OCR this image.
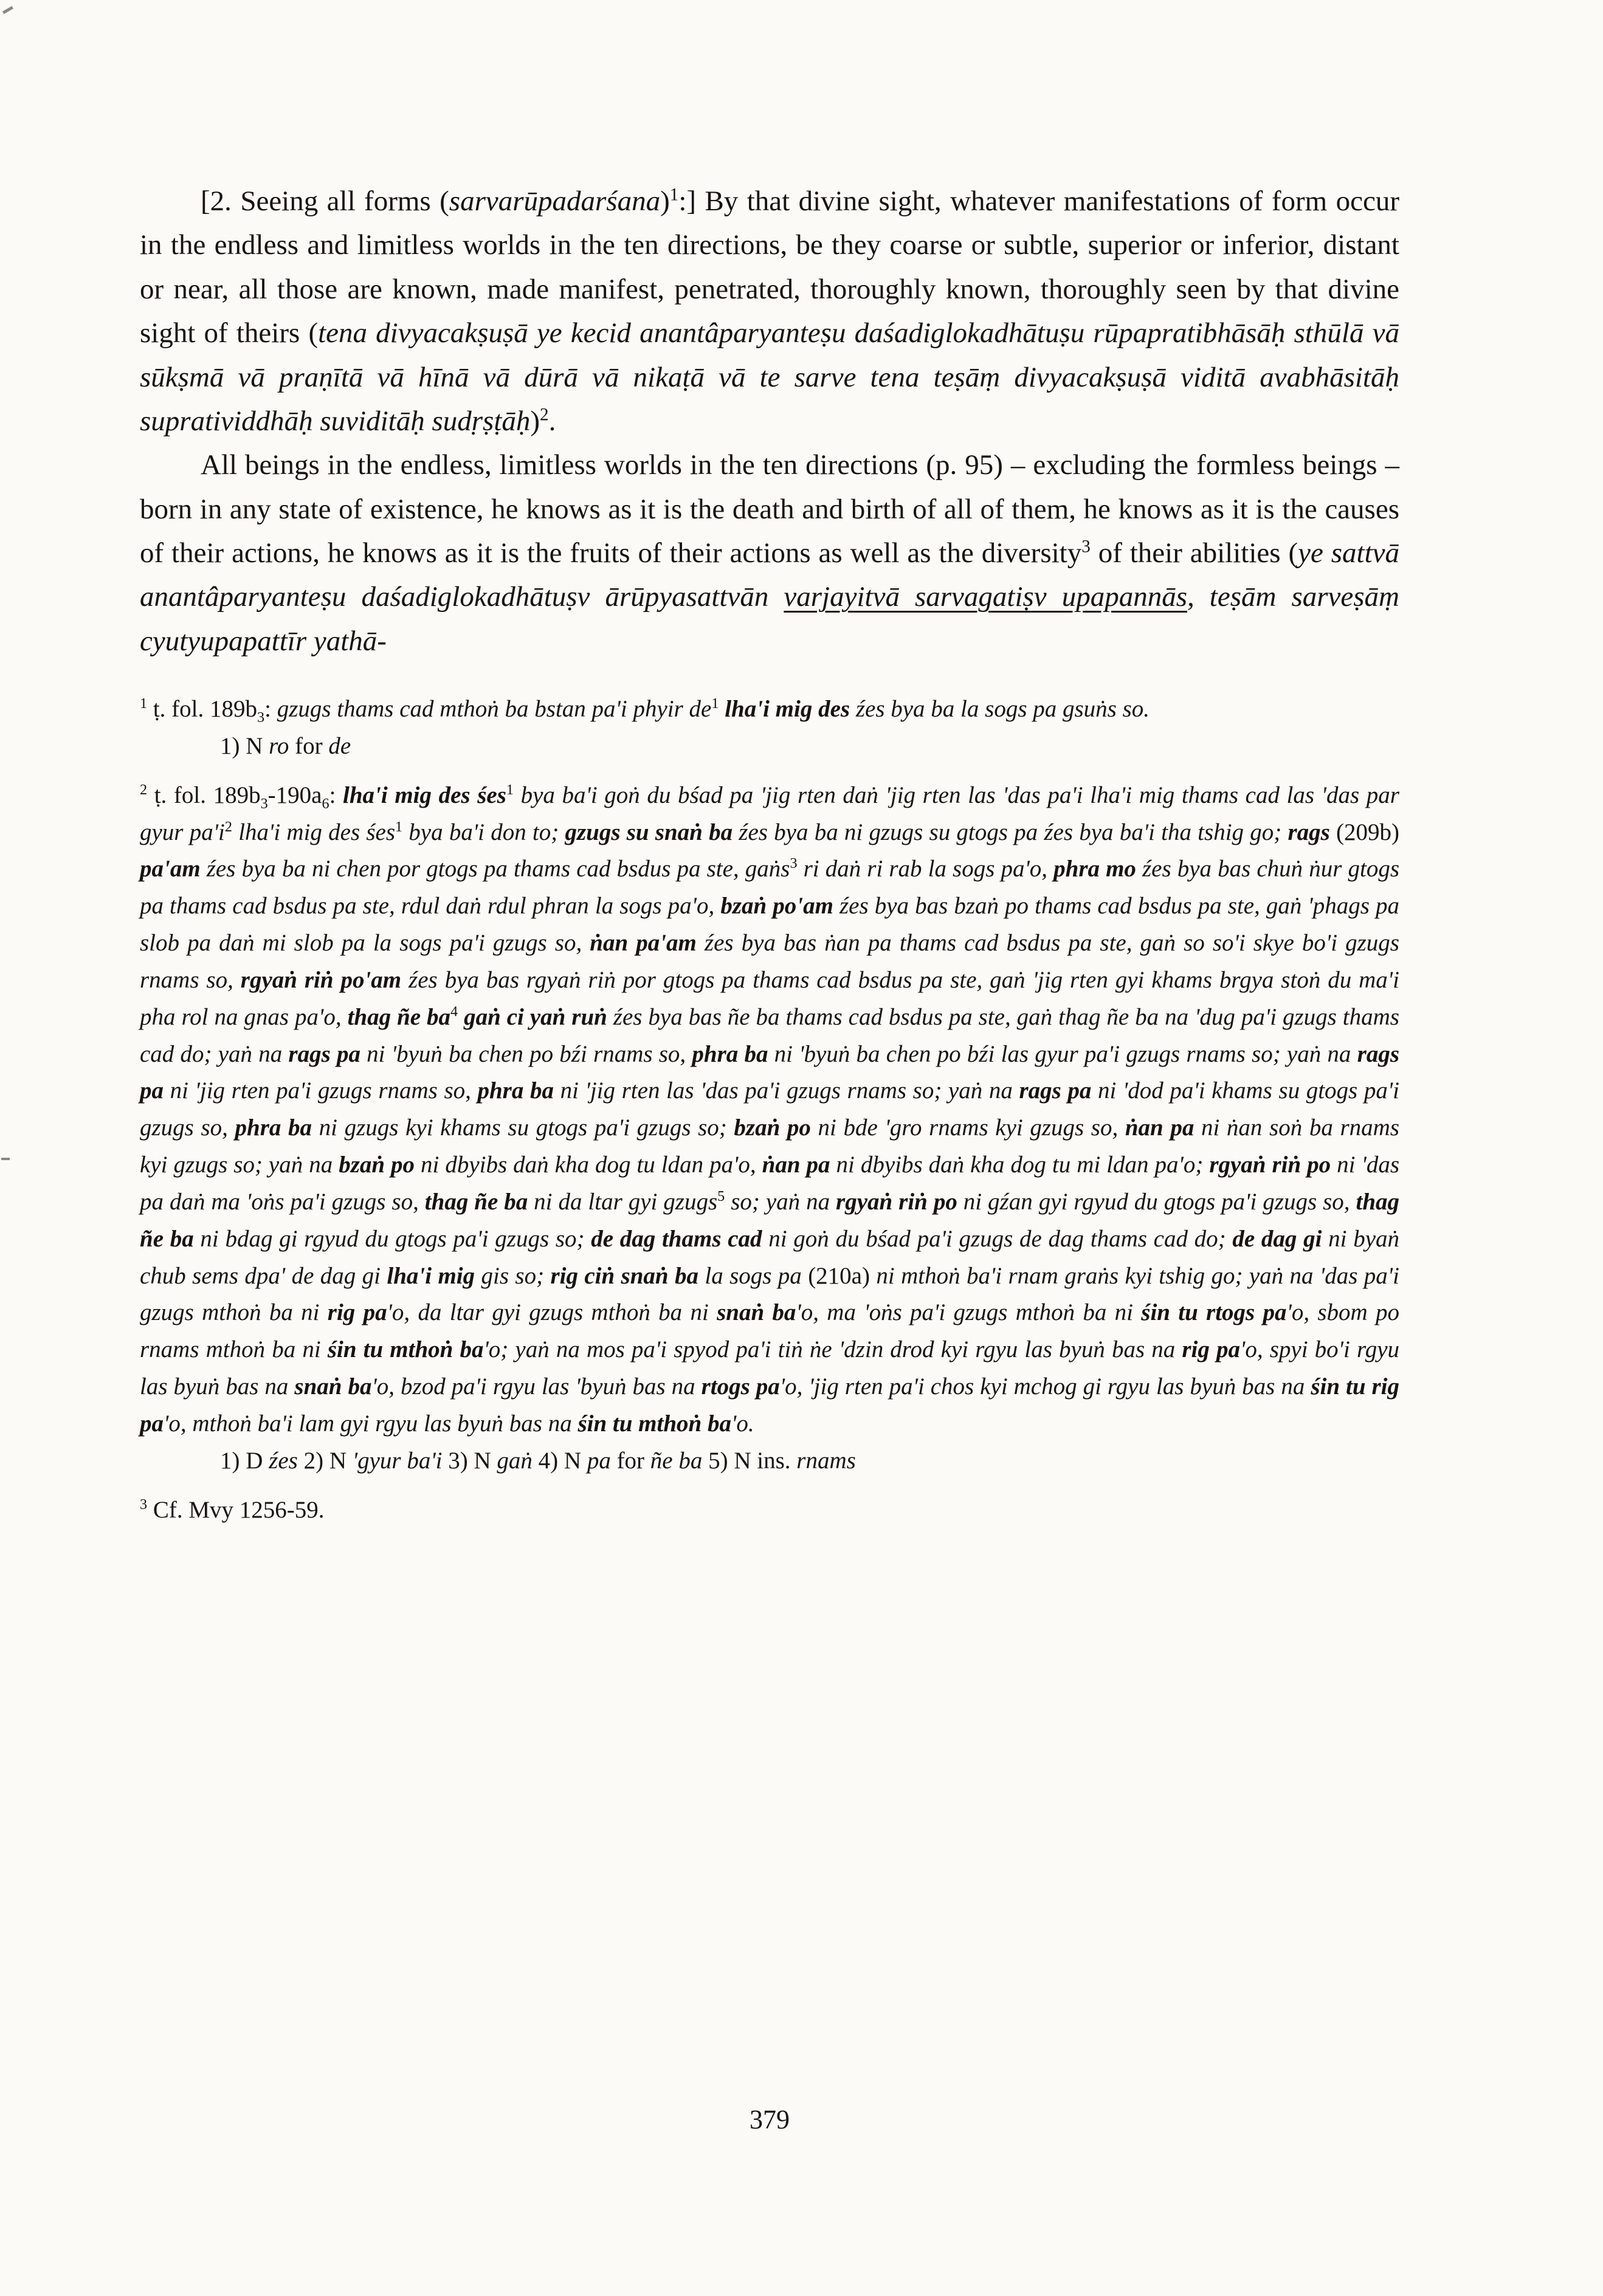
[2. Seeing all forms (sarvarūpadarśana)$^1$:] By that divine sight, whatever manifestations of form occur in the endless and limitless worlds in the ten directions, be they coarse or subtle, superior or inferior, distant or near, all those are known, made manifest, penetrated, thoroughly known, thoroughly seen by that divine sight of theirs (tena divyacakṣuṣā ye kecid anantâparyanteṣu daśadiglokadhātuṣu rūpapratibhāsāḥ sthūlā vā sūkṣmā vā praṇītā vā hīnā vā dūrā vā nikaṭā vā te sarve tena teṣāṃ divyacakṣuṣā viditā avabhāsitāḥ supratividdhāḥ suviditāḥ sudṛṣṭāḥ)$^2$.

All beings in the endless, limitless worlds in the ten directions (p. 95) – excluding the formless beings – born in any state of existence, he knows as it is the death and birth of all of them, he knows as it is the causes of their actions, he knows as it is the fruits of their actions as well as the diversity$^3$ of their abilities (ye sattvā anantâparyanteṣu daśadiglokadhātuṣv ārūpyasattvān varjayitvā sarvagatiṣv upapannās, teṣām sarveṣāṃ cyutyupapattīr yathā-

$^1$ ṭ. fol. $189b_3$: gzugs thams cad mthoṅ ba bstan pa'i phyir $de^1$ lha'i mig des źes bya ba la sogs pa gsuṅs so.

1) N ro for de

$^2$ ṭ. fol. $189b_3-190a_6$: lha'i mig des śes$^1$ bya ba'i goṅ du bśad pa 'jig rten daṅ 'jig rten las 'das pa'i lha'i mig thams cad las 'das par gyur $pa'i^2$ lha'i mig des śes$^1$ bya ba'i don to; gzugs su snaṅ ba źes bya ba ni gzugs su gtogs pa źes bya ba'i tha tshig go; rags (209b) pa'am źes bya ba ni chen por gtogs pa thams cad bsdus pa ste, gaṅs$^3$ ri daṅ ri rab la sogs pa'o, phra mo źes bya bas chuṅ ṅur gtogs pa thams cad bsdus pa ste, rdul daṅ rdul phran la sogs pa'o, bzaṅ po'am źes bya bas bzaṅ po thams cad bsdus pa ste, gaṅ 'phags pa slob pa daṅ mi slob pa la sogs pa'i gzugs so, ṅan pa'am źes bya bas ṅan pa thams cad bsdus pa ste, gaṅ so so'i skye bo'i gzugs rnams so, rgyaṅ riṅ po'am źes bya bas rgyaṅ riṅ por gtogs pa thams cad bsdus pa ste, gaṅ 'jig rten gyi khams brgya stoṅ du ma'i pha rol na gnas pa'o, thag ñe $ba^4$ gaṅ ci yaṅ ruṅ źes bya bas ñe ba thams cad bsdus pa ste, gaṅ thag ñe ba na 'dug pa'i gzugs thams cad do; yaṅ na rags pa ni 'byuṅ ba chen po bźi rnams so, phra ba ni 'byuṅ ba chen po bźi las gyur pa'i gzugs rnams so; yaṅ na rags pa ni 'jig rten pa'i gzugs rnams so, phra ba ni 'jig rten las 'das pa'i gzugs rnams so; yaṅ na rags pa ni 'dod pa'i khams su gtogs pa'i gzugs so, phra ba ni gzugs kyi khams su gtogs pa'i gzugs so; bzaṅ po ni bde 'gro rnams kyi gzugs so, ṅan pa ni ṅan soṅ ba rnams kyi gzugs so; yaṅ na bzaṅ po ni dbyibs daṅ kha dog tu ldan pa'o, ṅan pa ni dbyibs daṅ kha dog tu mi ldan pa'o; rgyaṅ riṅ po ni 'das pa daṅ ma 'oṅs pa'i gzugs so, thag ñe ba ni da ltar gyi gzugs$^5$ so; yaṅ na rgyaṅ riṅ po ni gźan gyi rgyud du gtogs pa'i gzugs so, thag ñe ba ni bdag gi rgyud du gtogs pa'i gzugs so; de dag thams cad ni goṅ du bśad pa'i gzugs de dag thams cad do; de dag gi ni byaṅ chub sems dpa' de dag gi lha'i mig gis so; rig ciṅ snaṅ ba la sogs pa (210a) ni mthoṅ ba'i rnam graṅs kyi tshig go; yaṅ na 'das pa'i gzugs mthoṅ ba ni rig pa'o, da ltar gyi gzugs mthoṅ ba ni snaṅ ba'o, ma 'oṅs pa'i gzugs mthoṅ ba ni śin tu rtogs pa'o, sbom po rnams mthoṅ ba ni śin tu mthoṅ ba'o; yaṅ na mos pa'i spyod pa'i tiṅ ṅe 'dzin drod kyi rgyu las byuṅ bas na rig pa'o, spyi bo'i rgyu las byuṅ bas na snaṅ ba'o, bzod pa'i rgyu las 'byuṅ bas na rtogs pa'o, 'jig rten pa'i chos kyi mchog gi rgyu las byuṅ bas na śin tu rig pa'o, mthoṅ ba'i lam gyi rgyu las byuṅ bas na śin tu mthoṅ ba'o.

1) D źes 2) N 'gyur ba'i 3) N gaṅ 4) N pa for ñe ba 5) N ins. rnams

$^3$ Cf. Mvy 1256-59.

379
